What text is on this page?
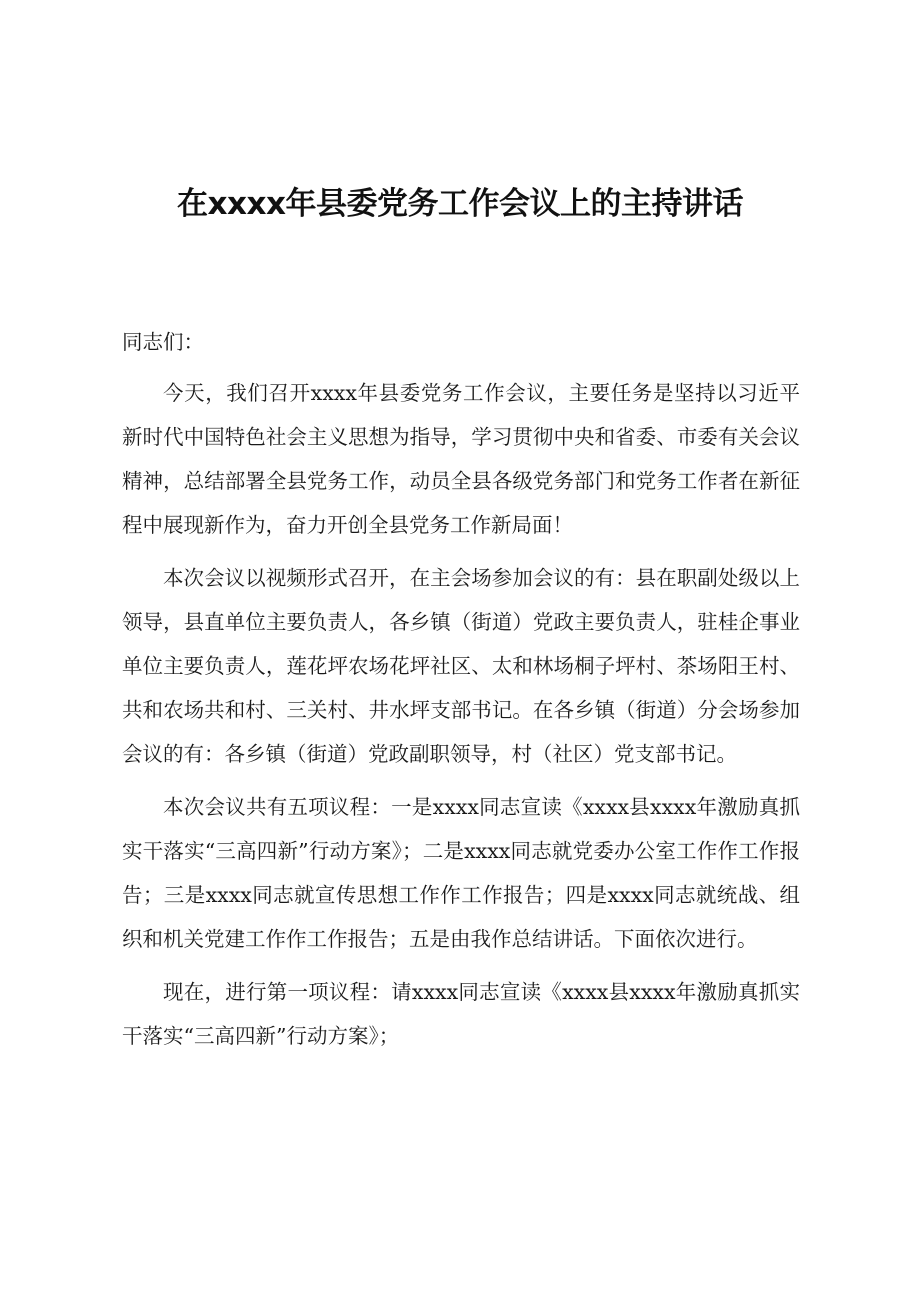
在xxxx年县委党务工作会议上的主持讲话

同志们：

今天，我们召开xxxx年县委党务工作会议，主要任务是坚持以习近平新时代中国特色社会主义思想为指导，学习贯彻中央和省委、市委有关会议精神，总结部署全县党务工作，动员全县各级党务部门和党务工作者在新征程中展现新作为，奋力开创全县党务工作新局面！

本次会议以视频形式召开，在主会场参加会议的有：县在职副处级以上领导，县直单位主要负责人，各乡镇（街道）党政主要负责人，驻桂企事业单位主要负责人，莲花坪农场花坪社区、太和林场桐子坪村、茶场阳王村、共和农场共和村、三关村、井水坪支部书记。在各乡镇（街道）分会场参加会议的有：各乡镇（街道）党政副职领导，村（社区）党支部书记。

本次会议共有五项议程：一是xxxx同志宣读《xxxx县xxxx年激励真抓实干落实“三高四新”行动方案》；二是xxxx同志就党委办公室工作作工作报告；三是xxxx同志就宣传思想工作作工作报告；四是xxxx同志就统战、组织和机关党建工作作工作报告；五是由我作总结讲话。下面依次进行。

现在，进行第一项议程：请xxxx同志宣读《xxxx县xxxx年激励真抓实干落实“三高四新”行动方案》；
